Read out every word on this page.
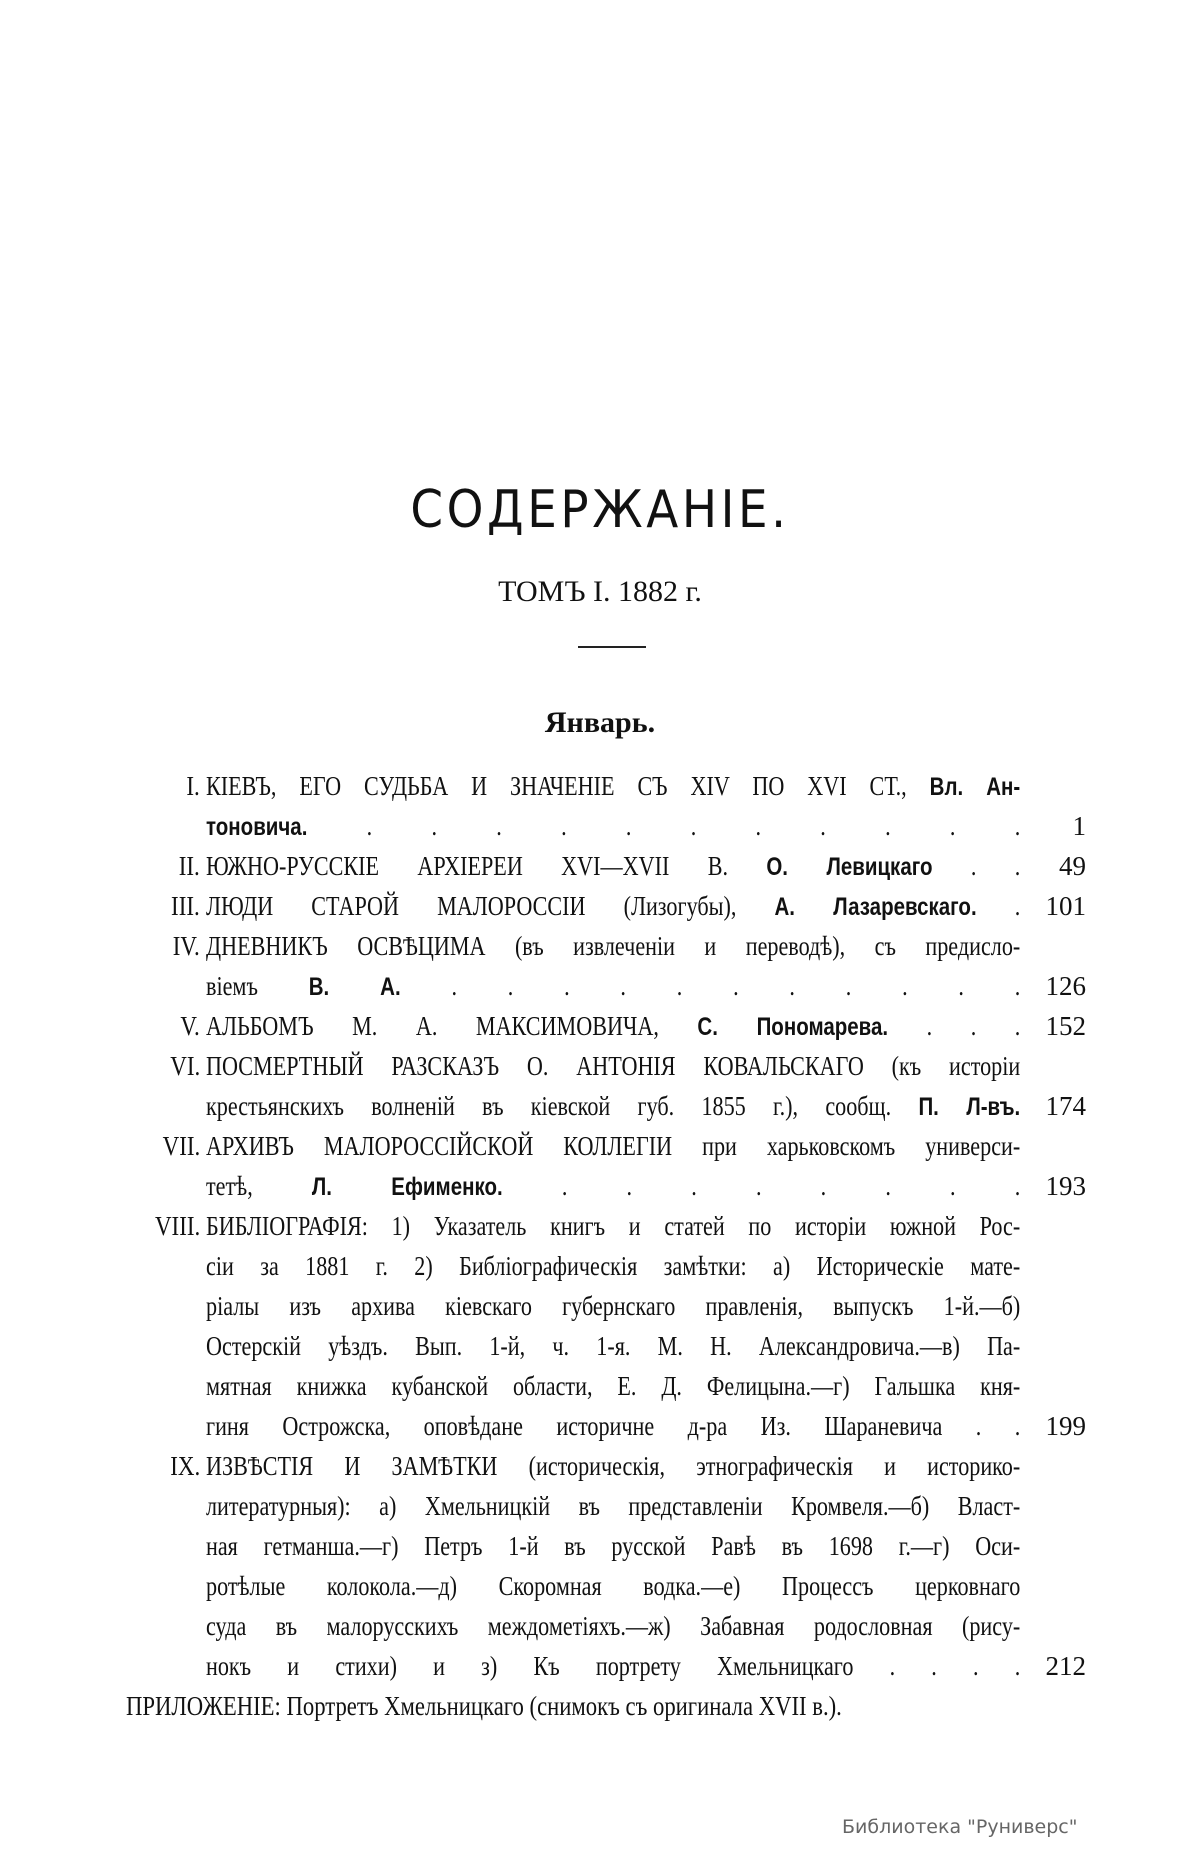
СОДЕРЖАНIЕ.
ТОМЪ I. 1882 г.
Январь.
I. КIЕВЪ, ЕГО СУДЬБА И ЗНАЧЕНIЕ СЪ XIV ПО XVI СТ., Вл. Ан-
тоновича. . . . . . . . . . . . 1
II. ЮЖНО-РУССКIЕ АРХIЕРЕИ XVI—XVII В. О. Левицкаго . . 49
III. ЛЮДИ СТАРОЙ МАЛОРОССIИ (Лизогубы), А. Лазаревскаго. . 101
IV. ДНЕВНИКЪ ОСВѢЦИМА (въ извлеченiи и переводѣ), съ предисло-
вiемъ В. А. . . . . . . . . . . . 126
V. АЛЬБОМЪ М. А. МАКСИМОВИЧА, С. Пономарева. . . . 152
VI. ПОСМЕРТНЫЙ РАЗСКАЗЪ О. АНТОНIЯ КОВАЛЬСКАГО (къ исторiи
крестьянскихъ волненiй въ кiевской губ. 1855 г.), сообщ. П. Л-въ. 174
VII. АРХИВЪ МАЛОРОССIЙСКОЙ КОЛЛЕГIИ при харьковскомъ универси-
тетѣ, Л. Ефименко. . . . . . . . . 193
VIII. БИБЛIОГРАФIЯ: 1) Указатель книгъ и статей по исторiи южной Рос-
сiи за 1881 г. 2) Библiографическiя замѣтки: а) Историческiе мате-
рiалы изъ архива кiевскаго губернскаго правленiя, выпускъ 1-й.—б)
Остерскiй уѣздъ. Вып. 1-й, ч. 1-я. М. Н. Александровича.—в) Па-
мятная книжка кубанской области, Е. Д. Фелицына.—г) Гальшка кня-
гиня Острожска, оповѣдане историчне д-ра Из. Шараневича . . 199
IX. ИЗВѢСТIЯ И ЗАМѢТКИ (историческiя, этнографическiя и историко-
литературныя): а) Хмельницкiй въ представленiи Кромвеля.—б) Власт-
ная гетманша.—г) Петръ 1-й въ русской Равѣ въ 1698 г.—г) Оси-
ротѣлые колокола.—д) Скоромная водка.—е) Процессъ церковнаго
суда въ малорусскихъ междометiяхъ.—ж) Забавная родословная (рису-
нокъ и стихи) и з) Къ портрету Хмельницкаго . . . . 212
ПРИЛОЖЕНIЕ: Портретъ Хмельницкаго (снимокъ съ оригинала XVII в.).
Библиотека "Руниверс"
